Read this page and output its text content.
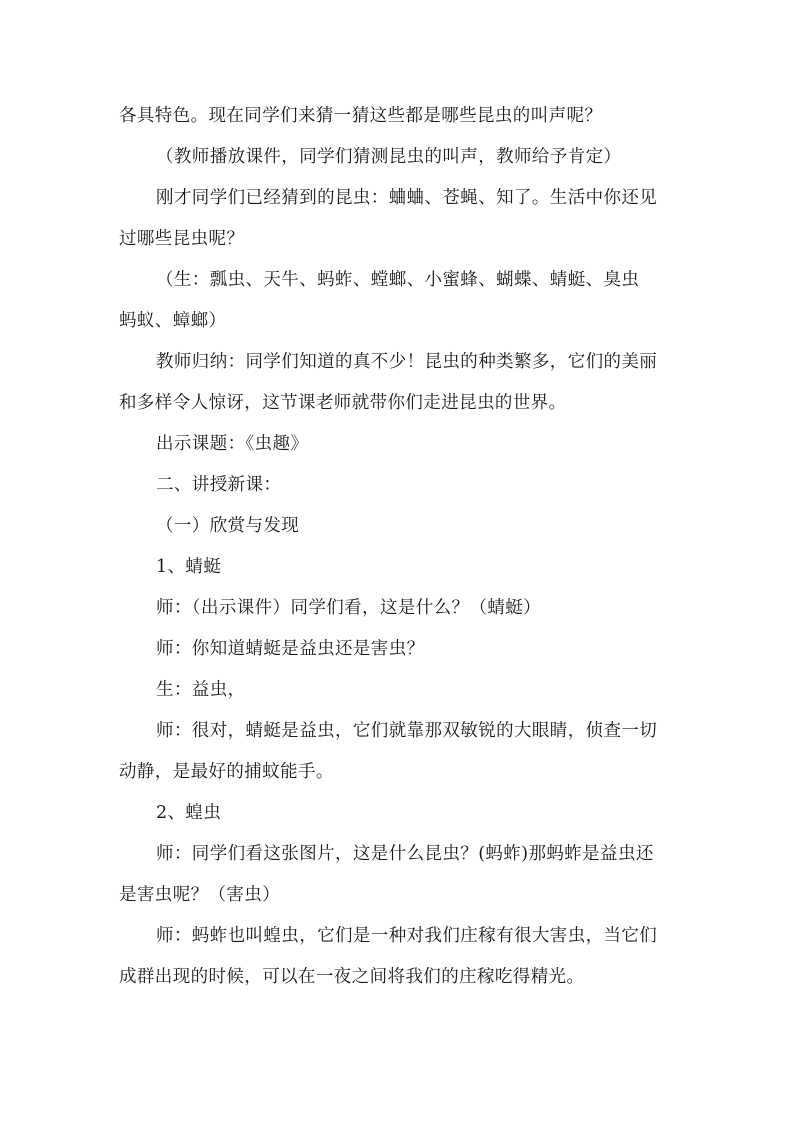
各具特色。现在同学们来猜一猜这些都是哪些昆虫的叫声呢？

（教师播放课件，同学们猜测昆虫的叫声，教师给予肯定）

刚才同学们已经猜到的昆虫：蛐蛐、苍蝇、知了。生活中你还见

过哪些昆虫呢？

（生：瓢虫、天牛、蚂蚱、螳螂、小蜜蜂、蝴蝶、蜻蜓、臭虫

蚂蚁、蟑螂）

教师归纳：同学们知道的真不少！昆虫的种类繁多，它们的美丽

和多样令人惊讶，这节课老师就带你们走进昆虫的世界。

出示课题：《虫趣》

二、讲授新课：

（一）欣赏与发现

1、蜻蜓

师：（出示课件）同学们看，这是什么？（蜻蜓）

师：你知道蜻蜓是益虫还是害虫？

生：益虫，

师：很对，蜻蜓是益虫，它们就靠那双敏锐的大眼睛，侦查一切

动静，是最好的捕蚊能手。

2、蝗虫

师：同学们看这张图片，这是什么昆虫？(蚂蚱)那蚂蚱是益虫还

是害虫呢？（害虫）

师：蚂蚱也叫蝗虫，它们是一种对我们庄稼有很大害虫，当它们

成群出现的时候，可以在一夜之间将我们的庄稼吃得精光。
